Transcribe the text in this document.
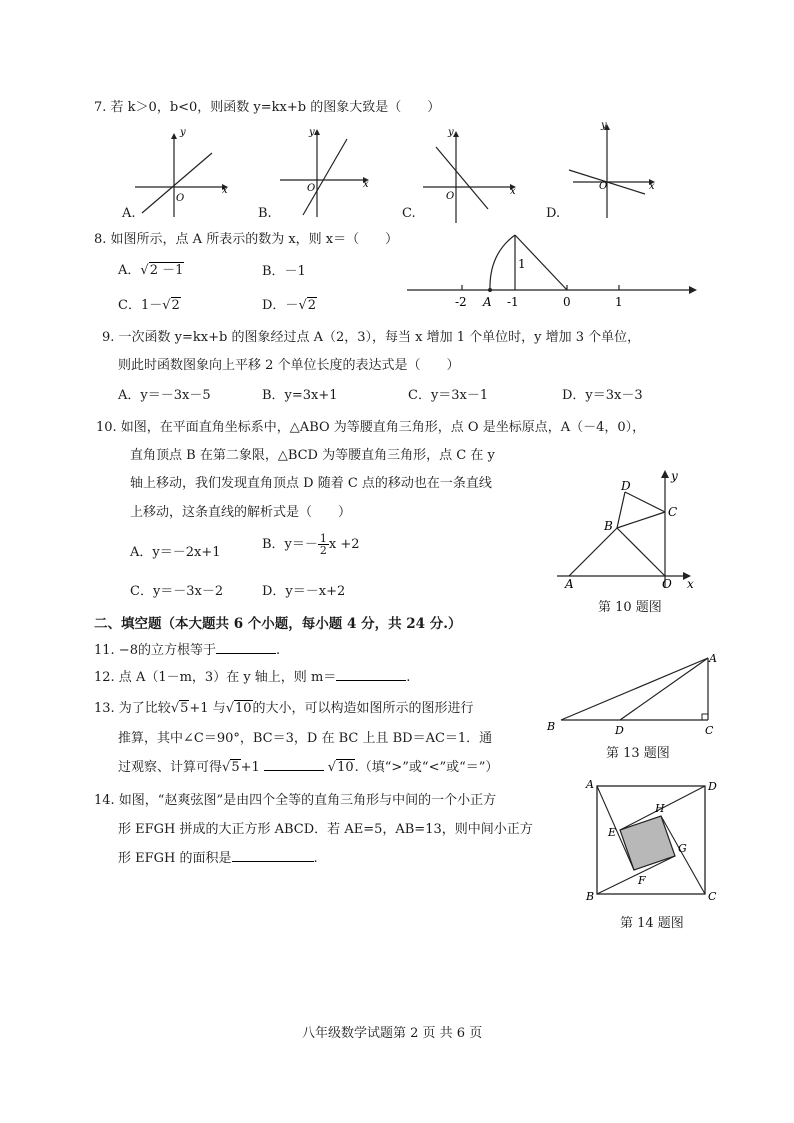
7. 若 k＞0，b<0，则函数 y=kx+b 的图象大致是（　　）
y
x
O
A.
y
x
O
B.
y
x
O
C.
y
x
O
D.
8. 如图所示，点 A 所表示的数为 x，则 x＝（　　）
A．√2 －1	B．－1
C．1－√2	D．－√2
1
-2 A -1	0	1
9. 一次函数 y=kx+b 的图象经过点 A（2，3），每当 x 增加 1 个单位时，y 增加 3 个单位，
则此时函数图象向上平移 2 个单位长度的表达式是（　　）
A．y＝－3x－5	B．y=3x+1	C．y＝3x－1	D．y＝3x－3
10. 如图，在平面直角坐标系中，△ABO 为等腰直角三角形，点 O 是坐标原点，A（－4，0），
直角顶点 B 在第二象限，△BCD 为等腰直角三角形，点 C 在 y
轴上移动，我们发现直角顶点 D 随着 C 点的移动也在一条直线
上移动，这条直线的解析式是（　　）
A．y＝－2x+1
B．$y=- \frac{1}{2}$ x +2
C．y＝－3x－2	D．y＝－x+2
D
C
B
A	O x
y
第 10 题图
二、填空题（本大题共 6 个小题，每小题 4 分，共 24 分.）
11. −8的立方根等于	.
12. 点 A（1－m，3）在 y 轴上，则 m＝	.
13. 为了比较√5+1 与√10的大小，可以构造如图所示的图形进行
推算，其中∠C＝90°，BC＝3，D 在 BC 上且 BD＝AC＝1．通
过观察、计算可得√5+1	√10.（填“>”或“<”或“＝”）
A
B	C
D
第 13 题图
14. 如图，“赵爽弦图”是由四个全等的直角三角形与中间的一个小正方
形 EFGH 拼成的大正方形 ABCD．若 AE=5，AB=13，则中间小正方
形 EFGH 的面积是	.
A	D
B	C
E
H
G
F
第 14 题图
八年级数学试题第 2 页 共 6 页
